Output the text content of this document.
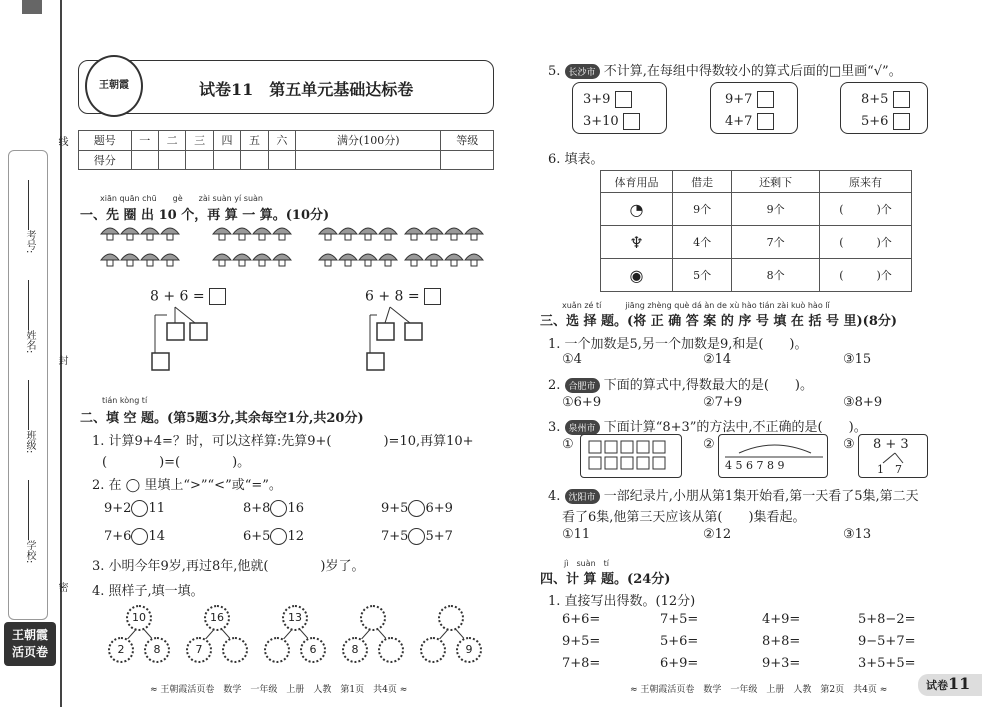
考号:
姓名:
班级:
学校:
线
封
密
王朝霞
活页卷
王朝霞	试卷11　第五单元基础达标卷
题号	一	二	三	四	五	六	满分(100分)	等级
得分								
xiān quān chū　　gè　　zài suàn yí suàn
一、先 圈 出 10 个，再 算 一 算。(10分)
8 + 6 =	6 + 8 =
tián kòng tí
二、填 空 题。(第5题3分,其余每空1分,共20分)
1. 计算9+4=？时，可以这样算:先算9+(　　　　)=10,再算10+
(　　　　)=(　　　　)。
2. 在 ◯ 里填上“>”“<”或“=”。
9+2 11	8+8 16	9+5 6+9
7+6 14	6+5 12	7+5 5+7
3. 小明今年9岁,再过8年,他就(　　　　)岁了。
4. 照样子,填一填。
10
2	8
16
7
13
6	8	9
≈ 王朝霞活页卷　数学　一年级　上册　人教　第1页　共4页 ≈
5. 长沙市 不计算,在每组中得数较小的算式后面的□里画“√”。
3+9
3+10
9+7
4+7
8+5
5+6
6. 填表。
体育用品	借走	还剩下	原来有
◔	9个	9个	(　　　)个
♆	4个	7个	(　　　)个
◉	5个	8个	(　　　)个
xuǎn zé tí　　　jiāng zhèng què dá àn de xù hào tián zài kuò hào lǐ
三、选 择 题。(将 正 确 答 案 的 序 号 填 在 括 号 里)(8分)
1. 一个加数是5,另一个加数是9,和是(　　)。
①4	②14	③15
2. 合肥市 下面的算式中,得数最大的是(　　)。
①6+9	②7+9	③8+9
3. 泉州市 下面计算“8+3”的方法中,不正确的是(　　)。
①	②
4 5 6 7 8 9
③ 8 + 3
1　7
4. 沈阳市 一部纪录片,小朋从第1集开始看,第一天看了5集,第二天
看了6集,他第三天应该从第(　　)集看起。
①11	②12	③13
jì　suàn　tí
四、计 算 题。(24分)
1. 直接写出得数。(12分)
6+6=	7+5=	4+9=	5+8−2=
9+5=	5+6=	8+8=	9−5+7=
7+8=	6+9=	9+3=	3+5+5=
≈ 王朝霞活页卷　数学　一年级　上册　人教　第2页　共4页 ≈	试卷11
